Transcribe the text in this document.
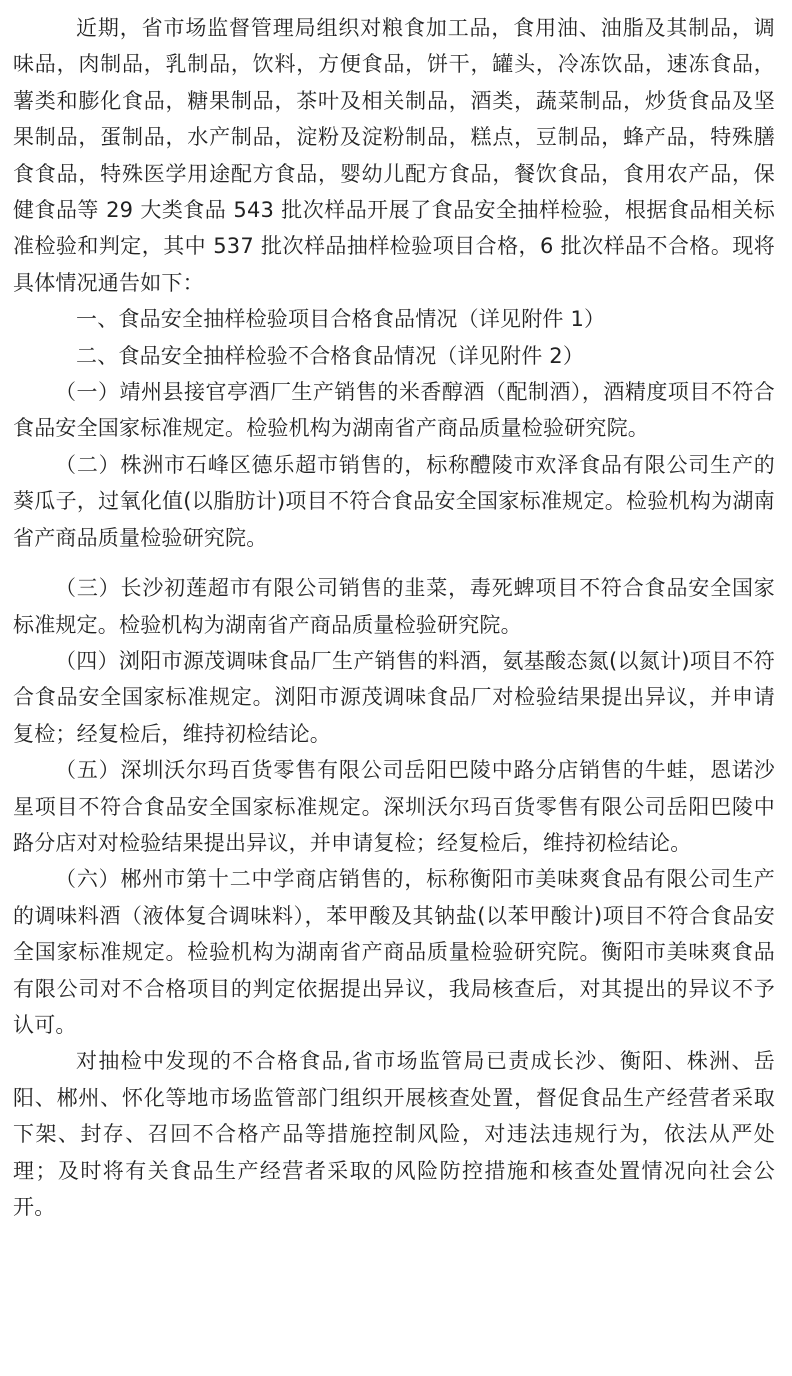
近期，省市场监督管理局组织对粮食加工品，食用油、油脂及其制品，调味品，肉制品，乳制品，饮料，方便食品，饼干，罐头，冷冻饮品，速冻食品，薯类和膨化食品，糖果制品，茶叶及相关制品，酒类，蔬菜制品，炒货食品及坚果制品，蛋制品，水产制品，淀粉及淀粉制品，糕点，豆制品，蜂产品，特殊膳食食品，特殊医学用途配方食品，婴幼儿配方食品，餐饮食品，食用农产品，保健食品等 29 大类食品 543 批次样品开展了食品安全抽样检验，根据食品相关标准检验和判定，其中 537 批次样品抽样检验项目合格，6 批次样品不合格。现将具体情况通告如下：

一、食品安全抽样检验项目合格食品情况（详见附件 1）

二、食品安全抽样检验不合格食品情况（详见附件 2）

（一）靖州县接官亭酒厂生产销售的米香醇酒（配制酒），酒精度项目不符合食品安全国家标准规定。检验机构为湖南省产商品质量检验研究院。

（二）株洲市石峰区德乐超市销售的，标称醴陵市欢泽食品有限公司生产的葵瓜子，过氧化值(以脂肪计)项目不符合食品安全国家标准规定。检验机构为湖南省产商品质量检验研究院。

（三）长沙初莲超市有限公司销售的韭菜，毒死蜱项目不符合食品安全国家标准规定。检验机构为湖南省产商品质量检验研究院。

（四）浏阳市源茂调味食品厂生产销售的料酒，氨基酸态氮(以氮计)项目不符合食品安全国家标准规定。浏阳市源茂调味食品厂对检验结果提出异议，并申请复检；经复检后，维持初检结论。

（五）深圳沃尔玛百货零售有限公司岳阳巴陵中路分店销售的牛蛙，恩诺沙星项目不符合食品安全国家标准规定。深圳沃尔玛百货零售有限公司岳阳巴陵中路分店对对检验结果提出异议，并申请复检；经复检后，维持初检结论。

（六）郴州市第十二中学商店销售的，标称衡阳市美味爽食品有限公司生产的调味料酒（液体复合调味料），苯甲酸及其钠盐(以苯甲酸计)项目不符合食品安全国家标准规定。检验机构为湖南省产商品质量检验研究院。衡阳市美味爽食品有限公司对不合格项目的判定依据提出异议，我局核查后，对其提出的异议不予认可。

对抽检中发现的不合格食品,省市场监管局已责成长沙、衡阳、株洲、岳阳、郴州、怀化等地市场监管部门组织开展核查处置，督促食品生产经营者采取下架、封存、召回不合格产品等措施控制风险，对违法违规行为，依法从严处理；及时将有关食品生产经营者采取的风险防控措施和核查处置情况向社会公开。
